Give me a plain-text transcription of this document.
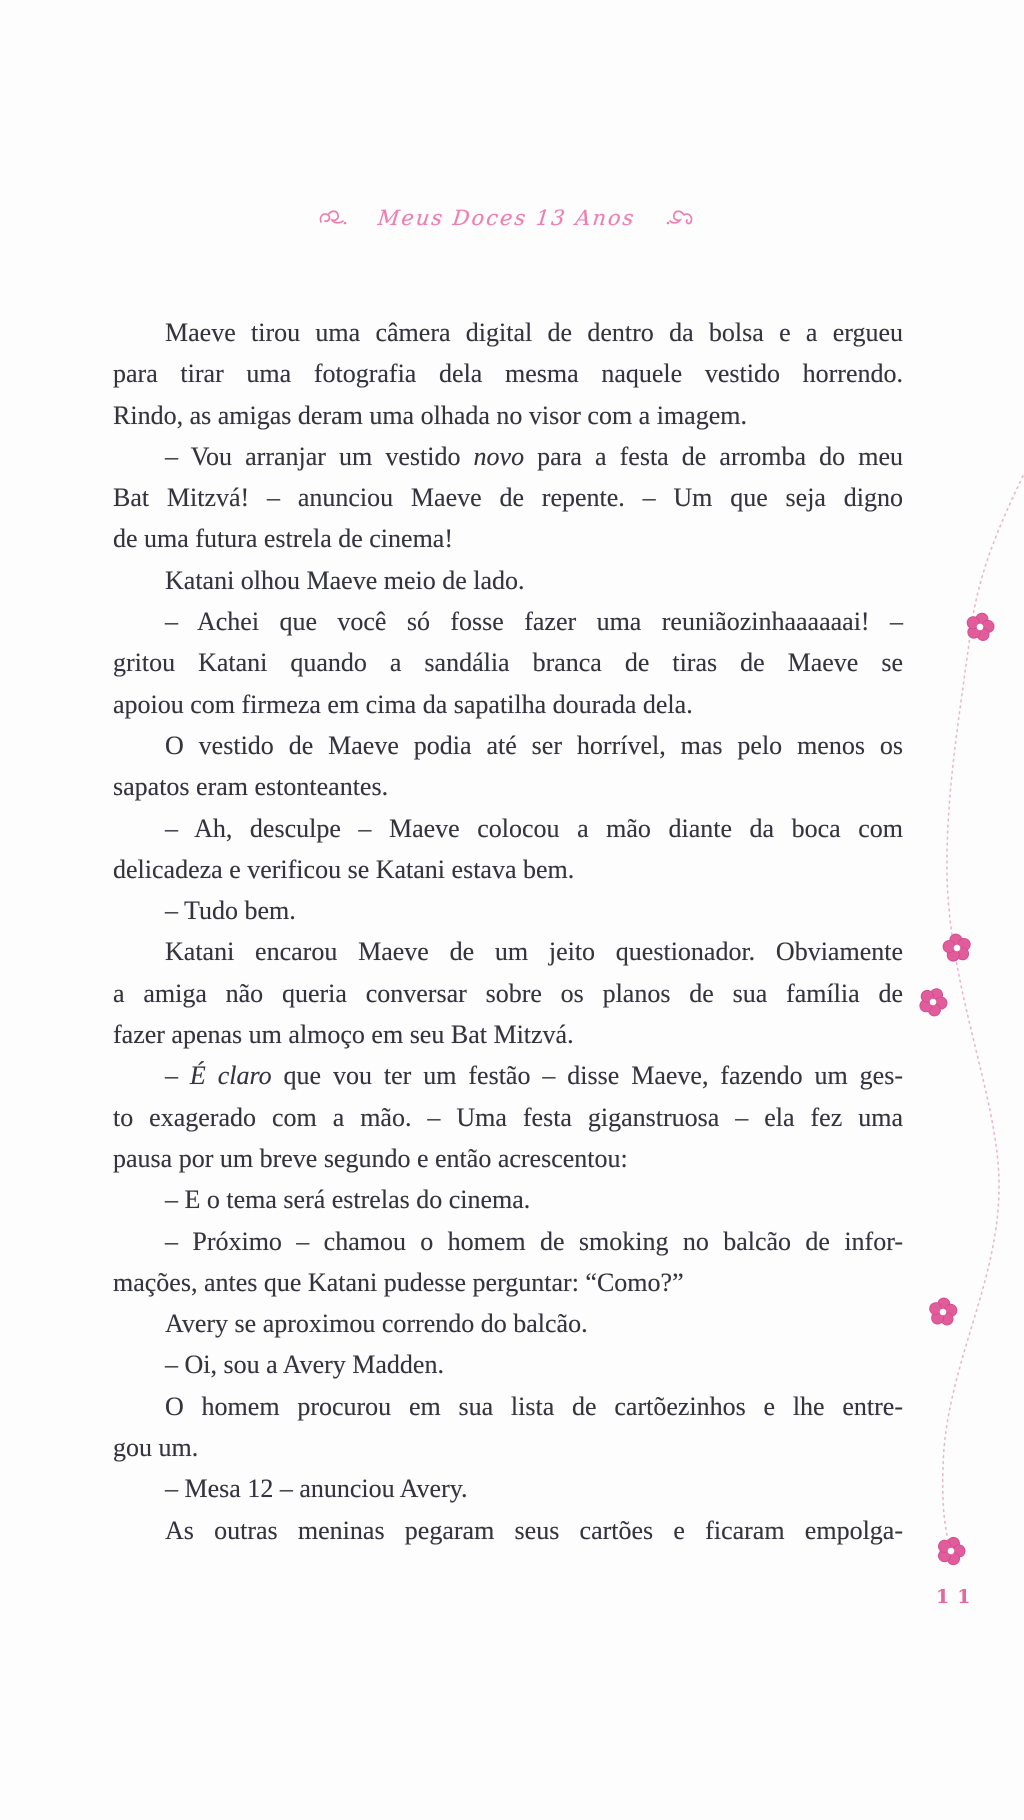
Meus Doces 13 Anos
Maeve tirou uma câmera digital de dentro da bolsa e a ergueu
para tirar uma fotografia dela mesma naquele vestido horrendo.
Rindo, as amigas deram uma olhada no visor com a imagem.
– Vou arranjar um vestido novo para a festa de arromba do meu
Bat Mitzvá! – anunciou Maeve de repente. – Um que seja digno
de uma futura estrela de cinema!
Katani olhou Maeve meio de lado.
– Achei que você só fosse fazer uma reuniãozinhaaaaaai! –
gritou Katani quando a sandália branca de tiras de Maeve se
apoiou com firmeza em cima da sapatilha dourada dela.
O vestido de Maeve podia até ser horrível, mas pelo menos os
sapatos eram estonteantes.
– Ah, desculpe – Maeve colocou a mão diante da boca com
delicadeza e verificou se Katani estava bem.
– Tudo bem.
Katani encarou Maeve de um jeito questionador. Obviamente
a amiga não queria conversar sobre os planos de sua família de
fazer apenas um almoço em seu Bat Mitzvá.
– É claro que vou ter um festão – disse Maeve, fazendo um ges-
to exagerado com a mão. – Uma festa giganstruosa – ela fez uma
pausa por um breve segundo e então acrescentou:
– E o tema será estrelas do cinema.
– Próximo – chamou o homem de smoking no balcão de infor-
mações, antes que Katani pudesse perguntar: “Como?”
Avery se aproximou correndo do balcão.
– Oi, sou a Avery Madden.
O homem procurou em sua lista de cartõezinhos e lhe entre-
gou um.
– Mesa 12 – anunciou Avery.
As outras meninas pegaram seus cartões e ficaram empolga-
11
